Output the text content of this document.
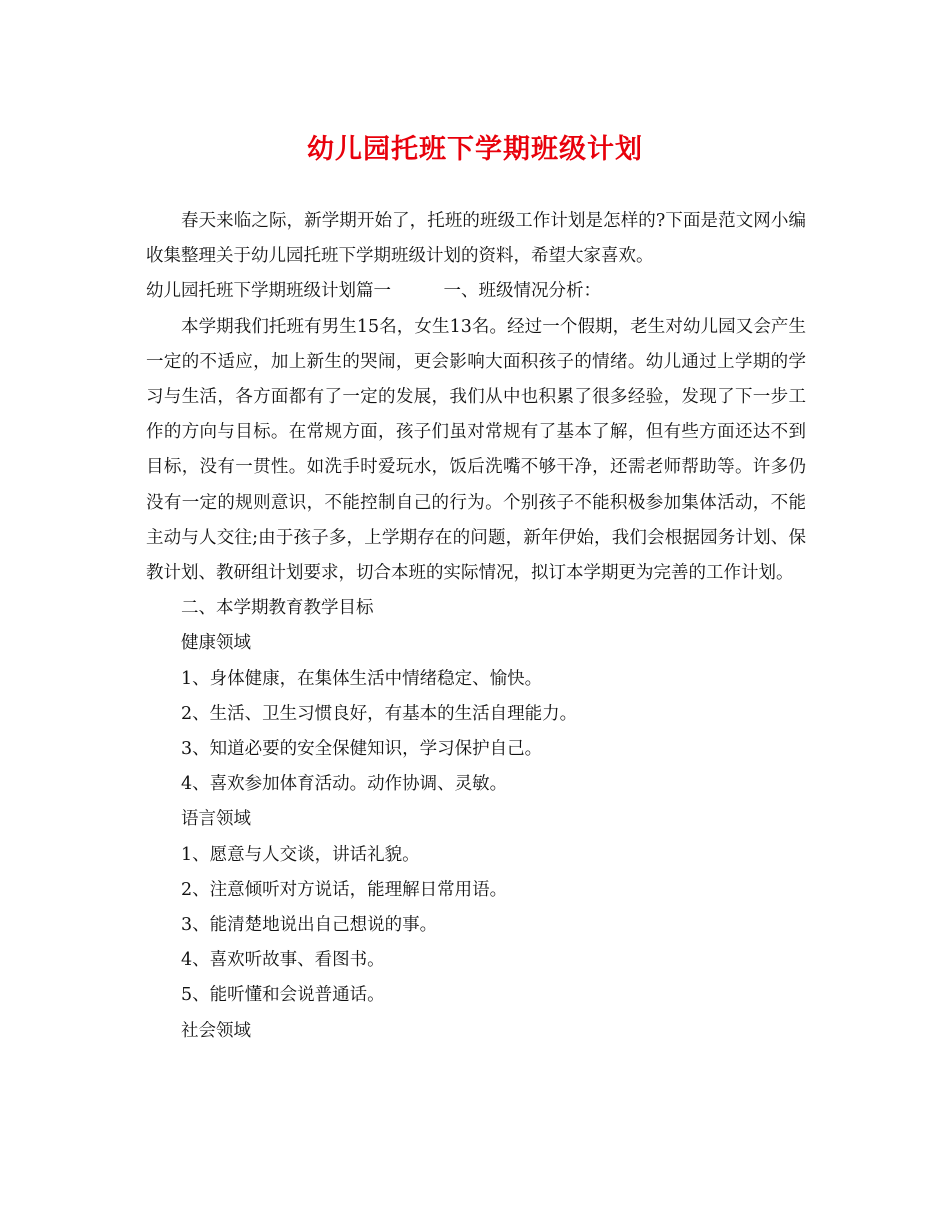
幼儿园托班下学期班级计划

春天来临之际，新学期开始了，托班的班级工作计划是怎样的?下面是范文网小编收集整理关于幼儿园托班下学期班级计划的资料，希望大家喜欢。

幼儿园托班下学期班级计划篇一　　　一、班级情况分析：

本学期我们托班有男生15名，女生13名。经过一个假期，老生对幼儿园又会产生一定的不适应，加上新生的哭闹，更会影响大面积孩子的情绪。幼儿通过上学期的学习与生活，各方面都有了一定的发展，我们从中也积累了很多经验，发现了下一步工作的方向与目标。在常规方面，孩子们虽对常规有了基本了解，但有些方面还达不到目标，没有一贯性。如洗手时爱玩水，饭后洗嘴不够干净，还需老师帮助等。许多仍没有一定的规则意识，不能控制自己的行为。个别孩子不能积极参加集体活动，不能主动与人交往;由于孩子多，上学期存在的问题，新年伊始，我们会根据园务计划、保教计划、教研组计划要求，切合本班的实际情况，拟订本学期更为完善的工作计划。

二、本学期教育教学目标

健康领域

1、身体健康，在集体生活中情绪稳定、愉快。

2、生活、卫生习惯良好，有基本的生活自理能力。

3、知道必要的安全保健知识，学习保护自己。

4、喜欢参加体育活动。动作协调、灵敏。

语言领域

1、愿意与人交谈，讲话礼貌。

2、注意倾听对方说话，能理解日常用语。

3、能清楚地说出自己想说的事。

4、喜欢听故事、看图书。

5、能听懂和会说普通话。

社会领域
